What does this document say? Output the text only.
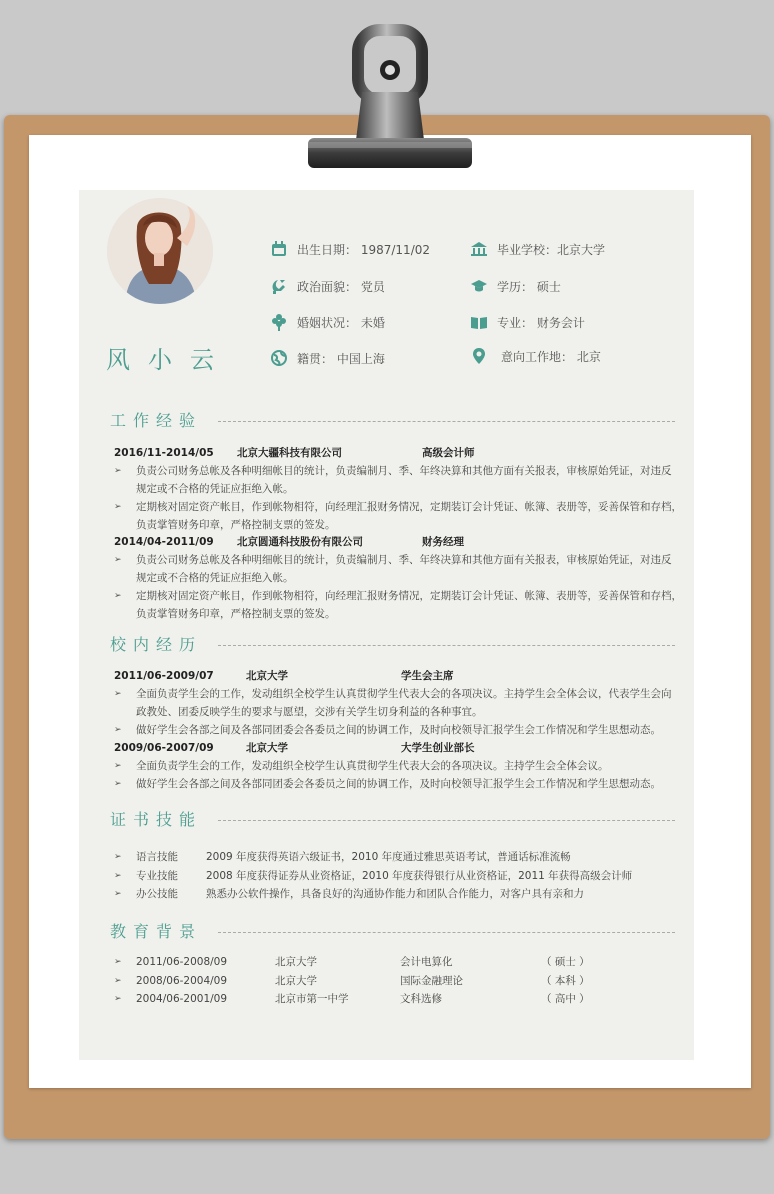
风小云
出生日期： 1987/11/02	毕业学校：北京大学
政治面貌： 党员	学历： 硕士
婚姻状况： 未婚	专业： 财务会计
籍贯： 中国上海	意向工作地： 北京
工作经验
2016/11-2014/05 北京大疆科技有限公司	高级会计师
➢ 负责公司财务总帐及各种明细帐目的统计，负责编制月、季、年终决算和其他方面有关报表，审核原始凭证，对违反
规定或不合格的凭证应拒绝入帐。
➢ 定期核对固定资产帐目，作到帐物相符，向经理汇报财务情况，定期装订会计凭证、帐簿、表册等，妥善保管和存档，
负责掌管财务印章，严格控制支票的签发。
2014/04-2011/09 北京圆通科技股份有限公司	财务经理
➢ 负责公司财务总帐及各种明细帐目的统计，负责编制月、季、年终决算和其他方面有关报表，审核原始凭证，对违反
规定或不合格的凭证应拒绝入帐。
➢ 定期核对固定资产帐目，作到帐物相符，向经理汇报财务情况，定期装订会计凭证、帐簿、表册等，妥善保管和存档，
负责掌管财务印章，严格控制支票的签发。
校内经历
2011/06-2009/07	北京大学	学生会主席
➢ 全面负责学生会的工作，发动组织全校学生认真贯彻学生代表大会的各项决议。主持学生会全体会议，代表学生会向
政教处、团委反映学生的要求与愿望，交涉有关学生切身利益的各种事宜。
➢ 做好学生会各部之间及各部同团委会各委员之间的协调工作，及时向校领导汇报学生会工作情况和学生思想动态。
2009/06-2007/09	北京大学	大学生创业部长
➢ 全面负责学生会的工作，发动组织全校学生认真贯彻学生代表大会的各项决议。主持学生会全体会议。
➢ 做好学生会各部之间及各部同团委会各委员之间的协调工作，及时向校领导汇报学生会工作情况和学生思想动态。
证书技能
➢ 语言技能	2009 年度获得英语六级证书，2010 年度通过雅思英语考试，普通话标准流畅
➢ 专业技能	2008 年度获得证券从业资格证，2010 年度获得银行从业资格证，2011 年获得高级会计师
➢ 办公技能	熟悉办公软件操作，具备良好的沟通协作能力和团队合作能力，对客户具有亲和力
教育背景
➢ 2011/06-2008/09	北京大学	会计电算化	（ 硕士 ）
➢ 2008/06-2004/09	北京大学	国际金融理论	（ 本科 ）
➢ 2004/06-2001/09	北京市第一中学	文科选修	（ 高中 ）
